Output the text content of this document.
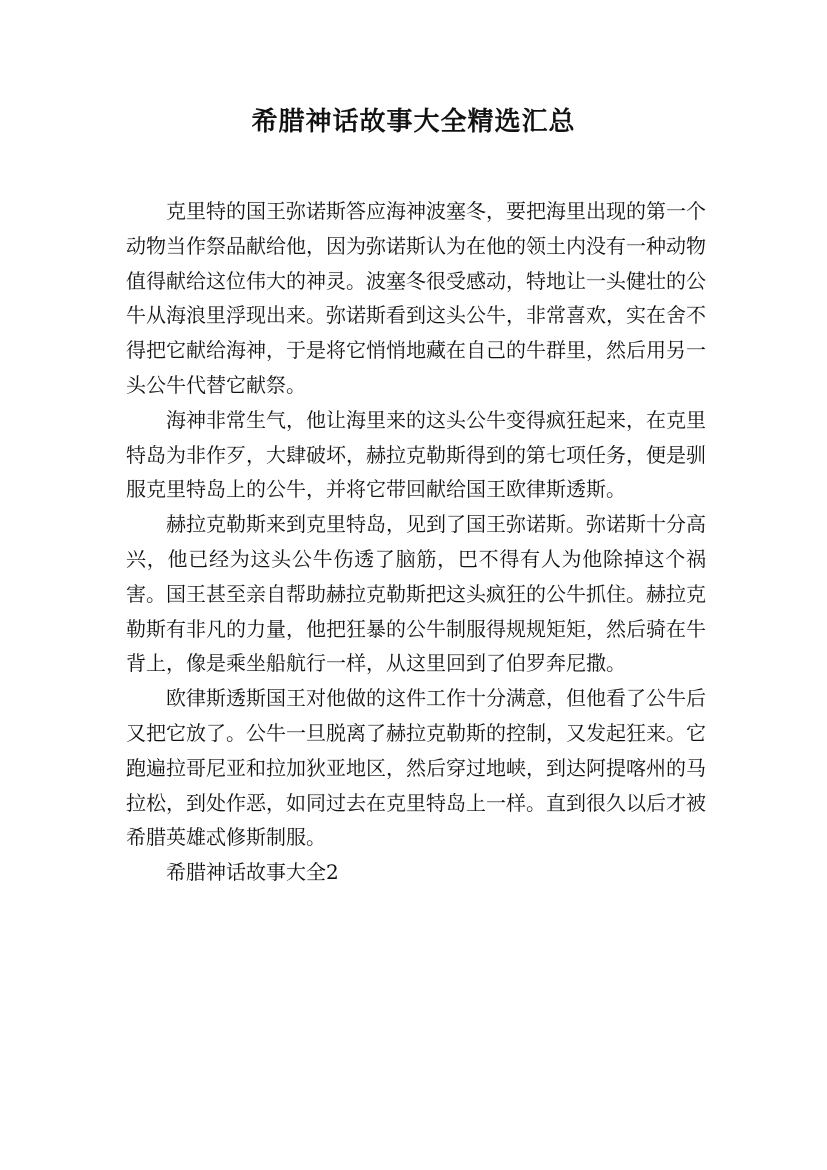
希腊神话故事大全精选汇总

克里特的国王弥诺斯答应海神波塞冬，要把海里出现的第一个动物当作祭品献给他，因为弥诺斯认为在他的领土内没有一种动物值得献给这位伟大的神灵。波塞冬很受感动，特地让一头健壮的公牛从海浪里浮现出来。弥诺斯看到这头公牛，非常喜欢，实在舍不得把它献给海神，于是将它悄悄地藏在自己的牛群里，然后用另一头公牛代替它献祭。

海神非常生气，他让海里来的这头公牛变得疯狂起来，在克里特岛为非作歹，大肆破坏，赫拉克勒斯得到的第七项任务，便是驯服克里特岛上的公牛，并将它带回献给国王欧律斯透斯。

赫拉克勒斯来到克里特岛，见到了国王弥诺斯。弥诺斯十分高兴，他已经为这头公牛伤透了脑筋，巴不得有人为他除掉这个祸害。国王甚至亲自帮助赫拉克勒斯把这头疯狂的公牛抓住。赫拉克勒斯有非凡的力量，他把狂暴的公牛制服得规规矩矩，然后骑在牛背上，像是乘坐船航行一样，从这里回到了伯罗奔尼撒。

欧律斯透斯国王对他做的这件工作十分满意，但他看了公牛后又把它放了。公牛一旦脱离了赫拉克勒斯的控制，又发起狂来。它跑遍拉哥尼亚和拉加狄亚地区，然后穿过地峡，到达阿提喀州的马拉松，到处作恶，如同过去在克里特岛上一样。直到很久以后才被希腊英雄忒修斯制服。

希腊神话故事大全2
